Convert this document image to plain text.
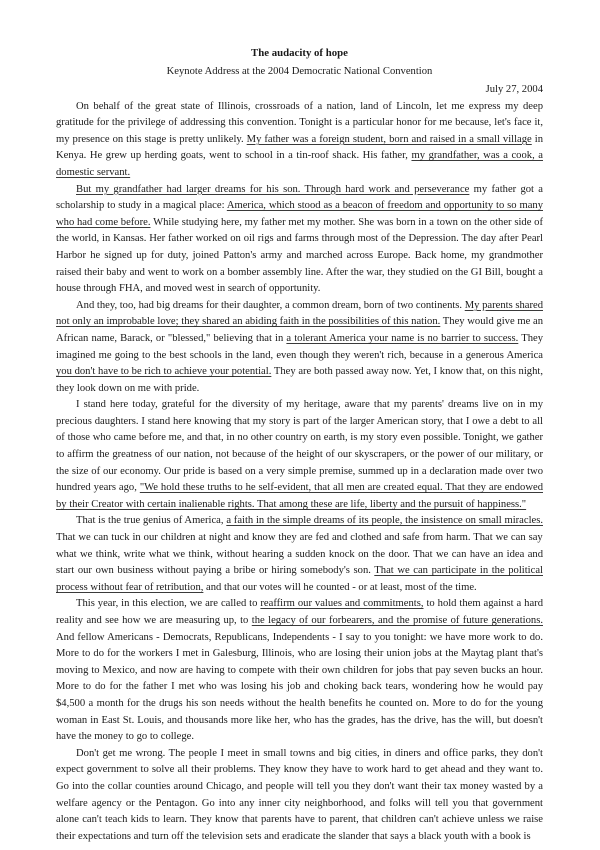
The audacity of hope
Keynote Address at the 2004 Democratic National Convention
July 27, 2004

On behalf of the great state of Illinois, crossroads of a nation, land of Lincoln, let me express my deep gratitude for the privilege of addressing this convention. Tonight is a particular honor for me because, let's face it, my presence on this stage is pretty unlikely. My father was a foreign student, born and raised in a small village in Kenya. He grew up herding goats, went to school in a tin-roof shack. His father, my grandfather, was a cook, a domestic servant.

But my grandfather had larger dreams for his son. Through hard work and perseverance my father got a scholarship to study in a magical place: America, which stood as a beacon of freedom and opportunity to so many who had come before. While studying here, my father met my mother. She was born in a town on the other side of the world, in Kansas. Her father worked on oil rigs and farms through most of the Depression. The day after Pearl Harbor he signed up for duty, joined Patton's army and marched across Europe. Back home, my grandmother raised their baby and went to work on a bomber assembly line. After the war, they studied on the GI Bill, bought a house through FHA, and moved west in search of opportunity.

And they, too, had big dreams for their daughter, a common dream, born of two continents. My parents shared not only an improbable love; they shared an abiding faith in the possibilities of this nation. They would give me an African name, Barack, or "blessed," believing that in a tolerant America your name is no barrier to success. They imagined me going to the best schools in the land, even though they weren't rich, because in a generous America you don't have to be rich to achieve your potential. They are both passed away now. Yet, I know that, on this night, they look down on me with pride.

I stand here today, grateful for the diversity of my heritage, aware that my parents' dreams live on in my precious daughters. I stand here knowing that my story is part of the larger American story, that I owe a debt to all of those who came before me, and that, in no other country on earth, is my story even possible. Tonight, we gather to affirm the greatness of our nation, not because of the height of our skyscrapers, or the power of our military, or the size of our economy. Our pride is based on a very simple premise, summed up in a declaration made over two hundred years ago, "We hold these truths to he self-evident, that all men are created equal. That they are endowed by their Creator with certain inalienable rights. That among these are life, liberty and the pursuit of happiness."

That is the true genius of America, a faith in the simple dreams of its people, the insistence on small miracles. That we can tuck in our children at night and know they are fed and clothed and safe from harm. That we can say what we think, write what we think, without hearing a sudden knock on the door. That we can have an idea and start our own business without paying a bribe or hiring somebody's son. That we can participate in the political process without fear of retribution, and that our votes will he counted - or at least, most of the time.

This year, in this election, we are called to reaffirm our values and commitments, to hold them against a hard reality and see how we are measuring up, to the legacy of our forbearers, and the promise of future generations. And fellow Americans - Democrats, Republicans, Independents - I say to you tonight: we have more work to do. More to do for the workers I met in Galesburg, Illinois, who are losing their union jobs at the Maytag plant that's moving to Mexico, and now are having to compete with their own children for jobs that pay seven bucks an hour. More to do for the father I met who was losing his job and choking back tears, wondering how he would pay $4,500 a month for the drugs his son needs without the health benefits he counted on. More to do for the young woman in East St. Louis, and thousands more like her, who has the grades, has the drive, has the will, but doesn't have the money to go to college.

Don't get me wrong. The people I meet in small towns and big cities, in diners and office parks, they don't expect government to solve all their problems. They know they have to work hard to get ahead and they want to. Go into the collar counties around Chicago, and people will tell you they don't want their tax money wasted by a welfare agency or the Pentagon. Go into any inner city neighborhood, and folks will tell you that government alone can't teach kids to learn. They know that parents have to parent, that children can't achieve unless we raise their expectations and turn off the television sets and eradicate the slander that says a black youth with a book is
